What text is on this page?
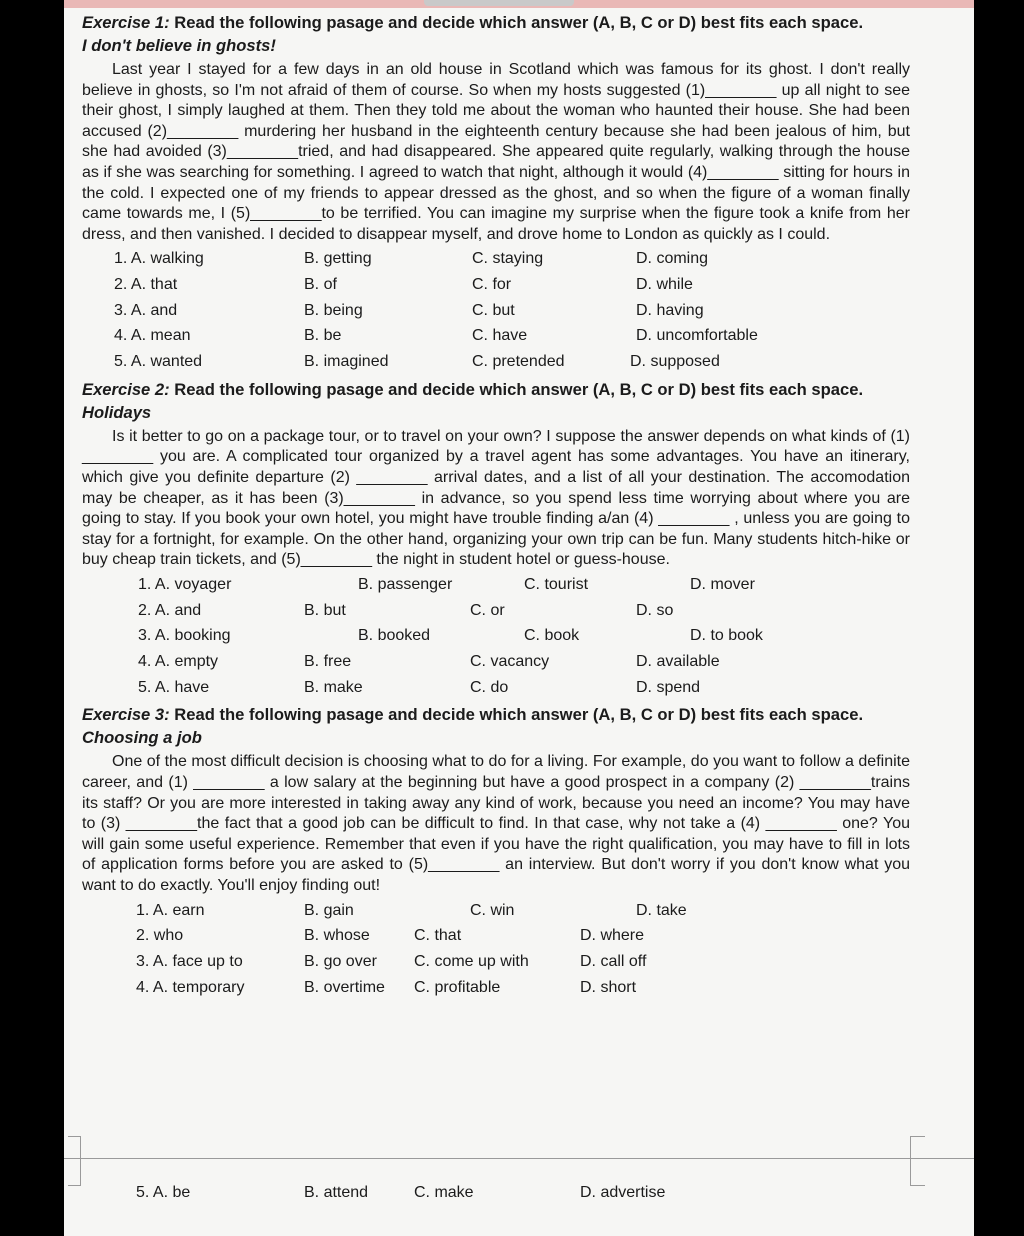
Exercise 1: Read the following pasage and decide which answer (A, B, C or D) best fits each space.

I don't believe in ghosts!

Last year I stayed for a few days in an old house in Scotland which was famous for its ghost. I don't really believe in ghosts, so I'm not afraid of them of course. So when my hosts suggested (1)________ up all night to see their ghost, I simply laughed at them. Then they told me about the woman who haunted their house. She had been accused (2)________ murdering her husband in the eighteenth century because she had been jealous of him, but she had avoided (3)________tried, and had disappeared. She appeared quite regularly, walking through the house as if she was searching for something. I agreed to watch that night, although it would (4)________ sitting for hours in the cold. I expected one of my friends to appear dressed as the ghost, and so when the figure of a woman finally came towards me, I (5)________to be terrified. You can imagine my surprise when the figure took a knife from her dress, and then vanished. I decided to disappear myself, and drove home to London as quickly as I could.

1. A. walking	B. getting	C. staying	D. coming
2. A. that	B. of	C. for	D. while
3. A. and	B. being	C. but	D. having
4. A. mean	B. be	C. have	D. uncomfortable
5. A. wanted	B. imagined	C. pretended	D. supposed

Exercise 2: Read the following pasage and decide which answer (A, B, C or D) best fits each space.

Holidays

Is it better to go on a package tour, or to travel on your own? I suppose the answer depends on what kinds of (1) ________ you are. A complicated tour organized by a travel agent has some advantages. You have an itinerary, which give you definite departure (2) ________ arrival dates, and a list of all your destination. The accomodation may be cheaper, as it has been (3)________ in advance, so you spend less time worrying about where you are going to stay. If you book your own hotel, you might have trouble finding a/an (4) ________ , unless you are going to stay for a fortnight, for example. On the other hand, organizing your own trip can be fun. Many students hitch-hike or buy cheap train tickets, and (5)________ the night in student hotel or guess-house.

1. A. voyager	B. passenger	C. tourist	D. mover
2. A. and	B. but	C. or	D. so
3. A. booking	B. booked	C. book	D. to book
4. A. empty	B. free	C. vacancy	D. available
5. A. have	B. make	C. do	D. spend

Exercise 3: Read the following pasage and decide which answer (A, B, C or D) best fits each space.

Choosing a job

One of the most difficult decision is choosing what to do for a living. For example, do you want to follow a definite career, and (1) ________ a low salary at the beginning but have a good prospect in a company (2) ________trains its staff? Or you are more interested in taking away any kind of work, because you need an income? You may have to (3) ________the fact that a good job can be difficult to find. In that case, why not take a (4) ________ one? You will gain some useful experience. Remember that even if you have the right qualification, you may have to fill in lots of application forms before you are asked to (5)________ an interview. But don't worry if you don't know what you want to do exactly. You'll enjoy finding out!

1. A. earn	B. gain	C. win	D. take
2. who	B. whose	C. that	D. where
3. A. face up to	B. go over C. come up with	D. call off
4. A. temporary	B. overtime C. profitable	D. short
5. A. be	B. attend	C. make	D. advertise
